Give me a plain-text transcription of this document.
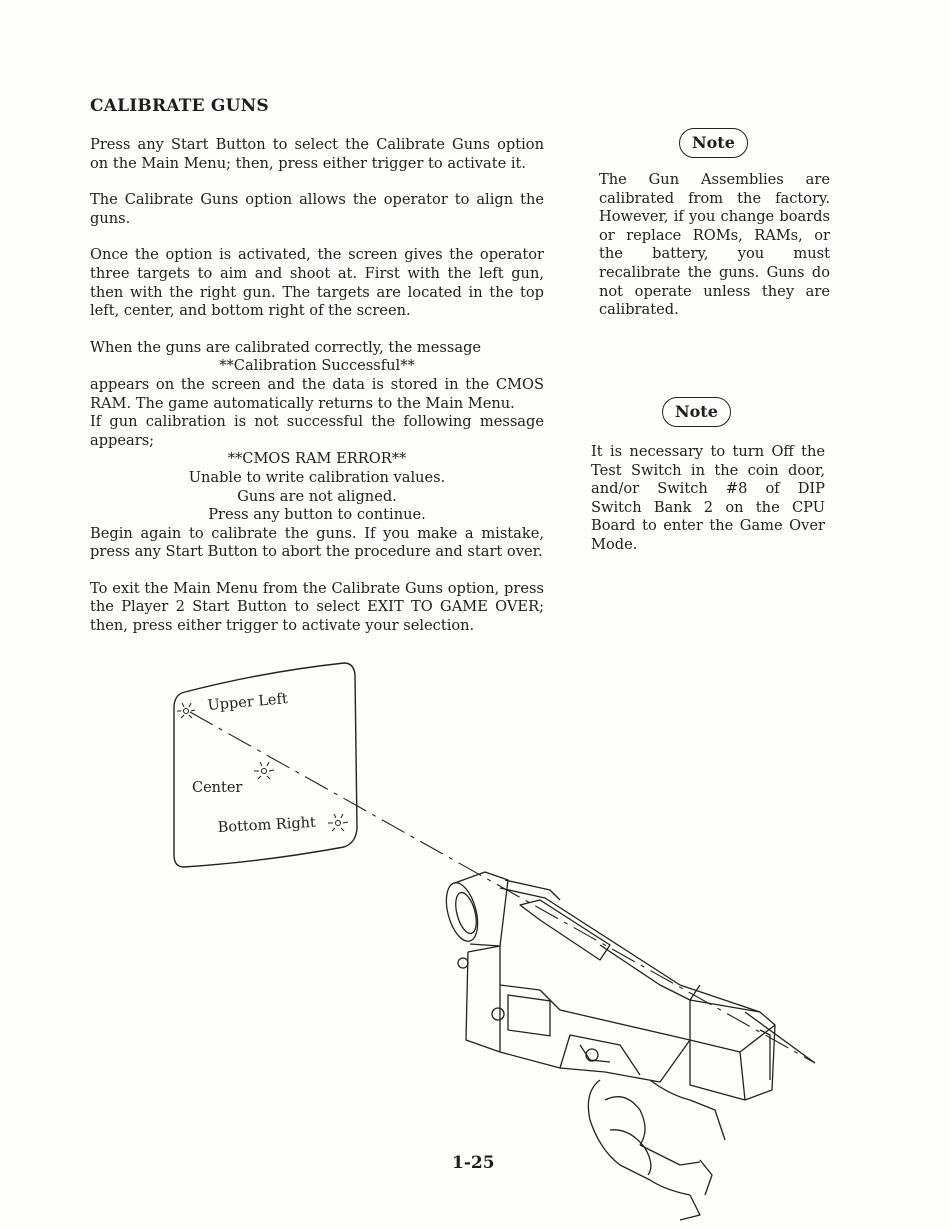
CALIBRATE GUNS

Press any Start Button to select the Calibrate Guns option on the Main Menu; then, press either trigger to activate it.

The Calibrate Guns option allows the operator to align the guns.

Once the option is activated, the screen gives the operator three targets to aim and shoot at. First with the left gun, then with the right gun. The targets are located in the top left, center, and bottom right of the screen.

When the guns are calibrated correctly, the message

**Calibration Successful**

appears on the screen and the data is stored in the CMOS RAM. The game automatically returns to the Main Menu.

If gun calibration is not successful the following message appears;

**CMOS RAM ERROR**

Unable to write calibration values.

Guns are not aligned.

Press any button to continue.

Begin again to calibrate the guns. If you make a mistake, press any Start Button to abort the procedure and start over.

To exit the Main Menu from the Calibrate Guns option, press the Player 2 Start Button to select EXIT TO GAME OVER; then, press either trigger to activate your selection.

Note
The Gun Assemblies are calibrated from the factory. However, if you change boards or replace ROMs, RAMs, or the battery, you must recalibrate the guns. Guns do not operate unless they are calibrated.
Note
It is necessary to turn Off the Test Switch in the coin door, and/or Switch #8 of DIP Switch Bank 2 on the CPU Board to enter the Game Over Mode.
Upper Left
Center
Bottom Right
1-25
